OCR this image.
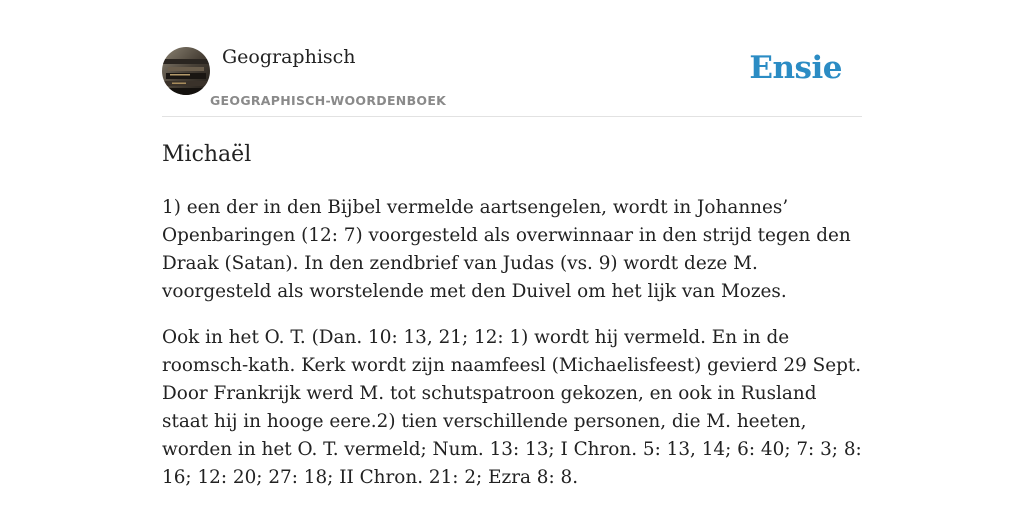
Geographisch
GEOGRAPHISCH-WOORDENBOEK
Ensie
Michaël

1) een der in den Bijbel vermelde aartsengelen, wordt in Johannes’ Openbaringen (12: 7) voorgesteld als overwinnaar in den strijd tegen den Draak (Satan). In den zendbrief van Judas (vs. 9) wordt deze M. voorgesteld als worstelende met den Duivel om het lijk van Mozes.

Ook in het O. T. (Dan. 10: 13, 21; 12: 1) wordt hij vermeld. En in de roomsch-kath. Kerk wordt zijn naamfeesl (Michaelisfeest) gevierd 29 Sept. Door Frankrijk werd M. tot schutspatroon gekozen, en ook in Rusland staat hij in hooge eere.2) tien verschillende personen, die M. heeten, worden in het O. T. vermeld; Num. 13: 13; I Chron. 5: 13, 14; 6: 40; 7: 3; 8: 16; 12: 20; 27: 18; II Chron. 21: 2; Ezra 8: 8.
